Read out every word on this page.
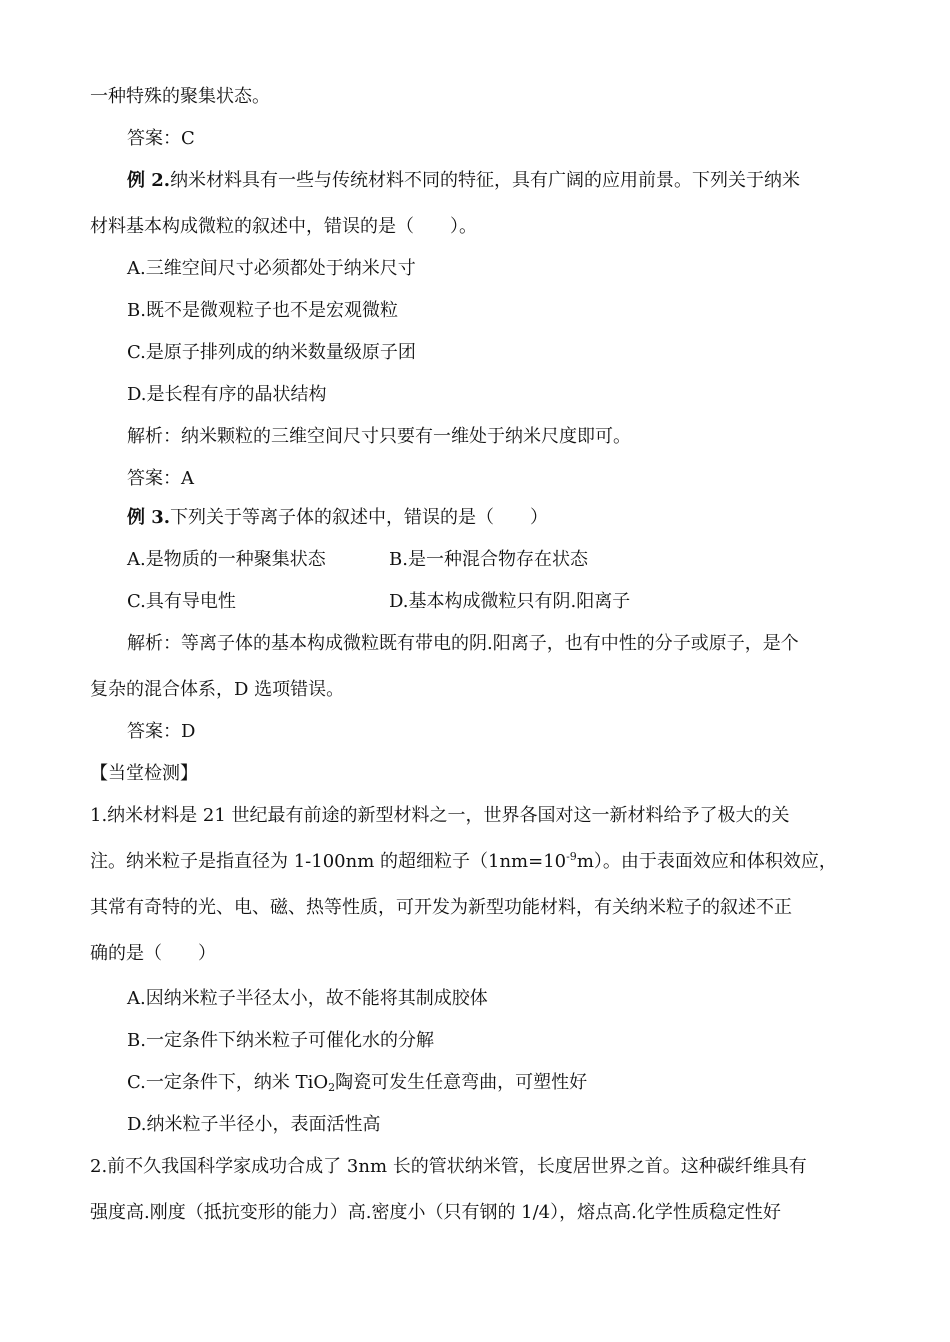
一种特殊的聚集状态。
答案：C
例 2.纳米材料具有一些与传统材料不同的特征，具有广阔的应用前景。下列关于纳米
材料基本构成微粒的叙述中，错误的是（　　）。
A.三维空间尺寸必须都处于纳米尺寸
B.既不是微观粒子也不是宏观微粒
C.是原子排列成的纳米数量级原子团
D.是长程有序的晶状结构
解析：纳米颗粒的三维空间尺寸只要有一维处于纳米尺度即可。
答案：A
例 3.下列关于等离子体的叙述中，错误的是（　　）
A.是物质的一种聚集状态	B.是一种混合物存在状态
C.具有导电性	D.基本构成微粒只有阴.阳离子
解析：等离子体的基本构成微粒既有带电的阴.阳离子，也有中性的分子或原子，是个
复杂的混合体系，D 选项错误。
答案：D
【当堂检测】
1.纳米材料是 21 世纪最有前途的新型材料之一，世界各国对这一新材料给予了极大的关
注。纳米粒子是指直径为 1-100nm 的超细粒子$(1nm=10^{-9}m)$。由于表面效应和体积效应，
其常有奇特的光、电、磁、热等性质，可开发为新型功能材料，有关纳米粒子的叙述不正
确的是（　　）
A.因纳米粒子半径太小，故不能将其制成胶体
B.一定条件下纳米粒子可催化水的分解
C.一定条件下，纳米 TiO$_2$陶瓷可发生任意弯曲，可塑性好
D.纳米粒子半径小，表面活性高
2.前不久我国科学家成功合成了 3nm 长的管状纳米管，长度居世界之首。这种碳纤维具有
强度高.刚度（抵抗变形的能力）高.密度小（只有钢的 1/4），熔点高.化学性质稳定性好
